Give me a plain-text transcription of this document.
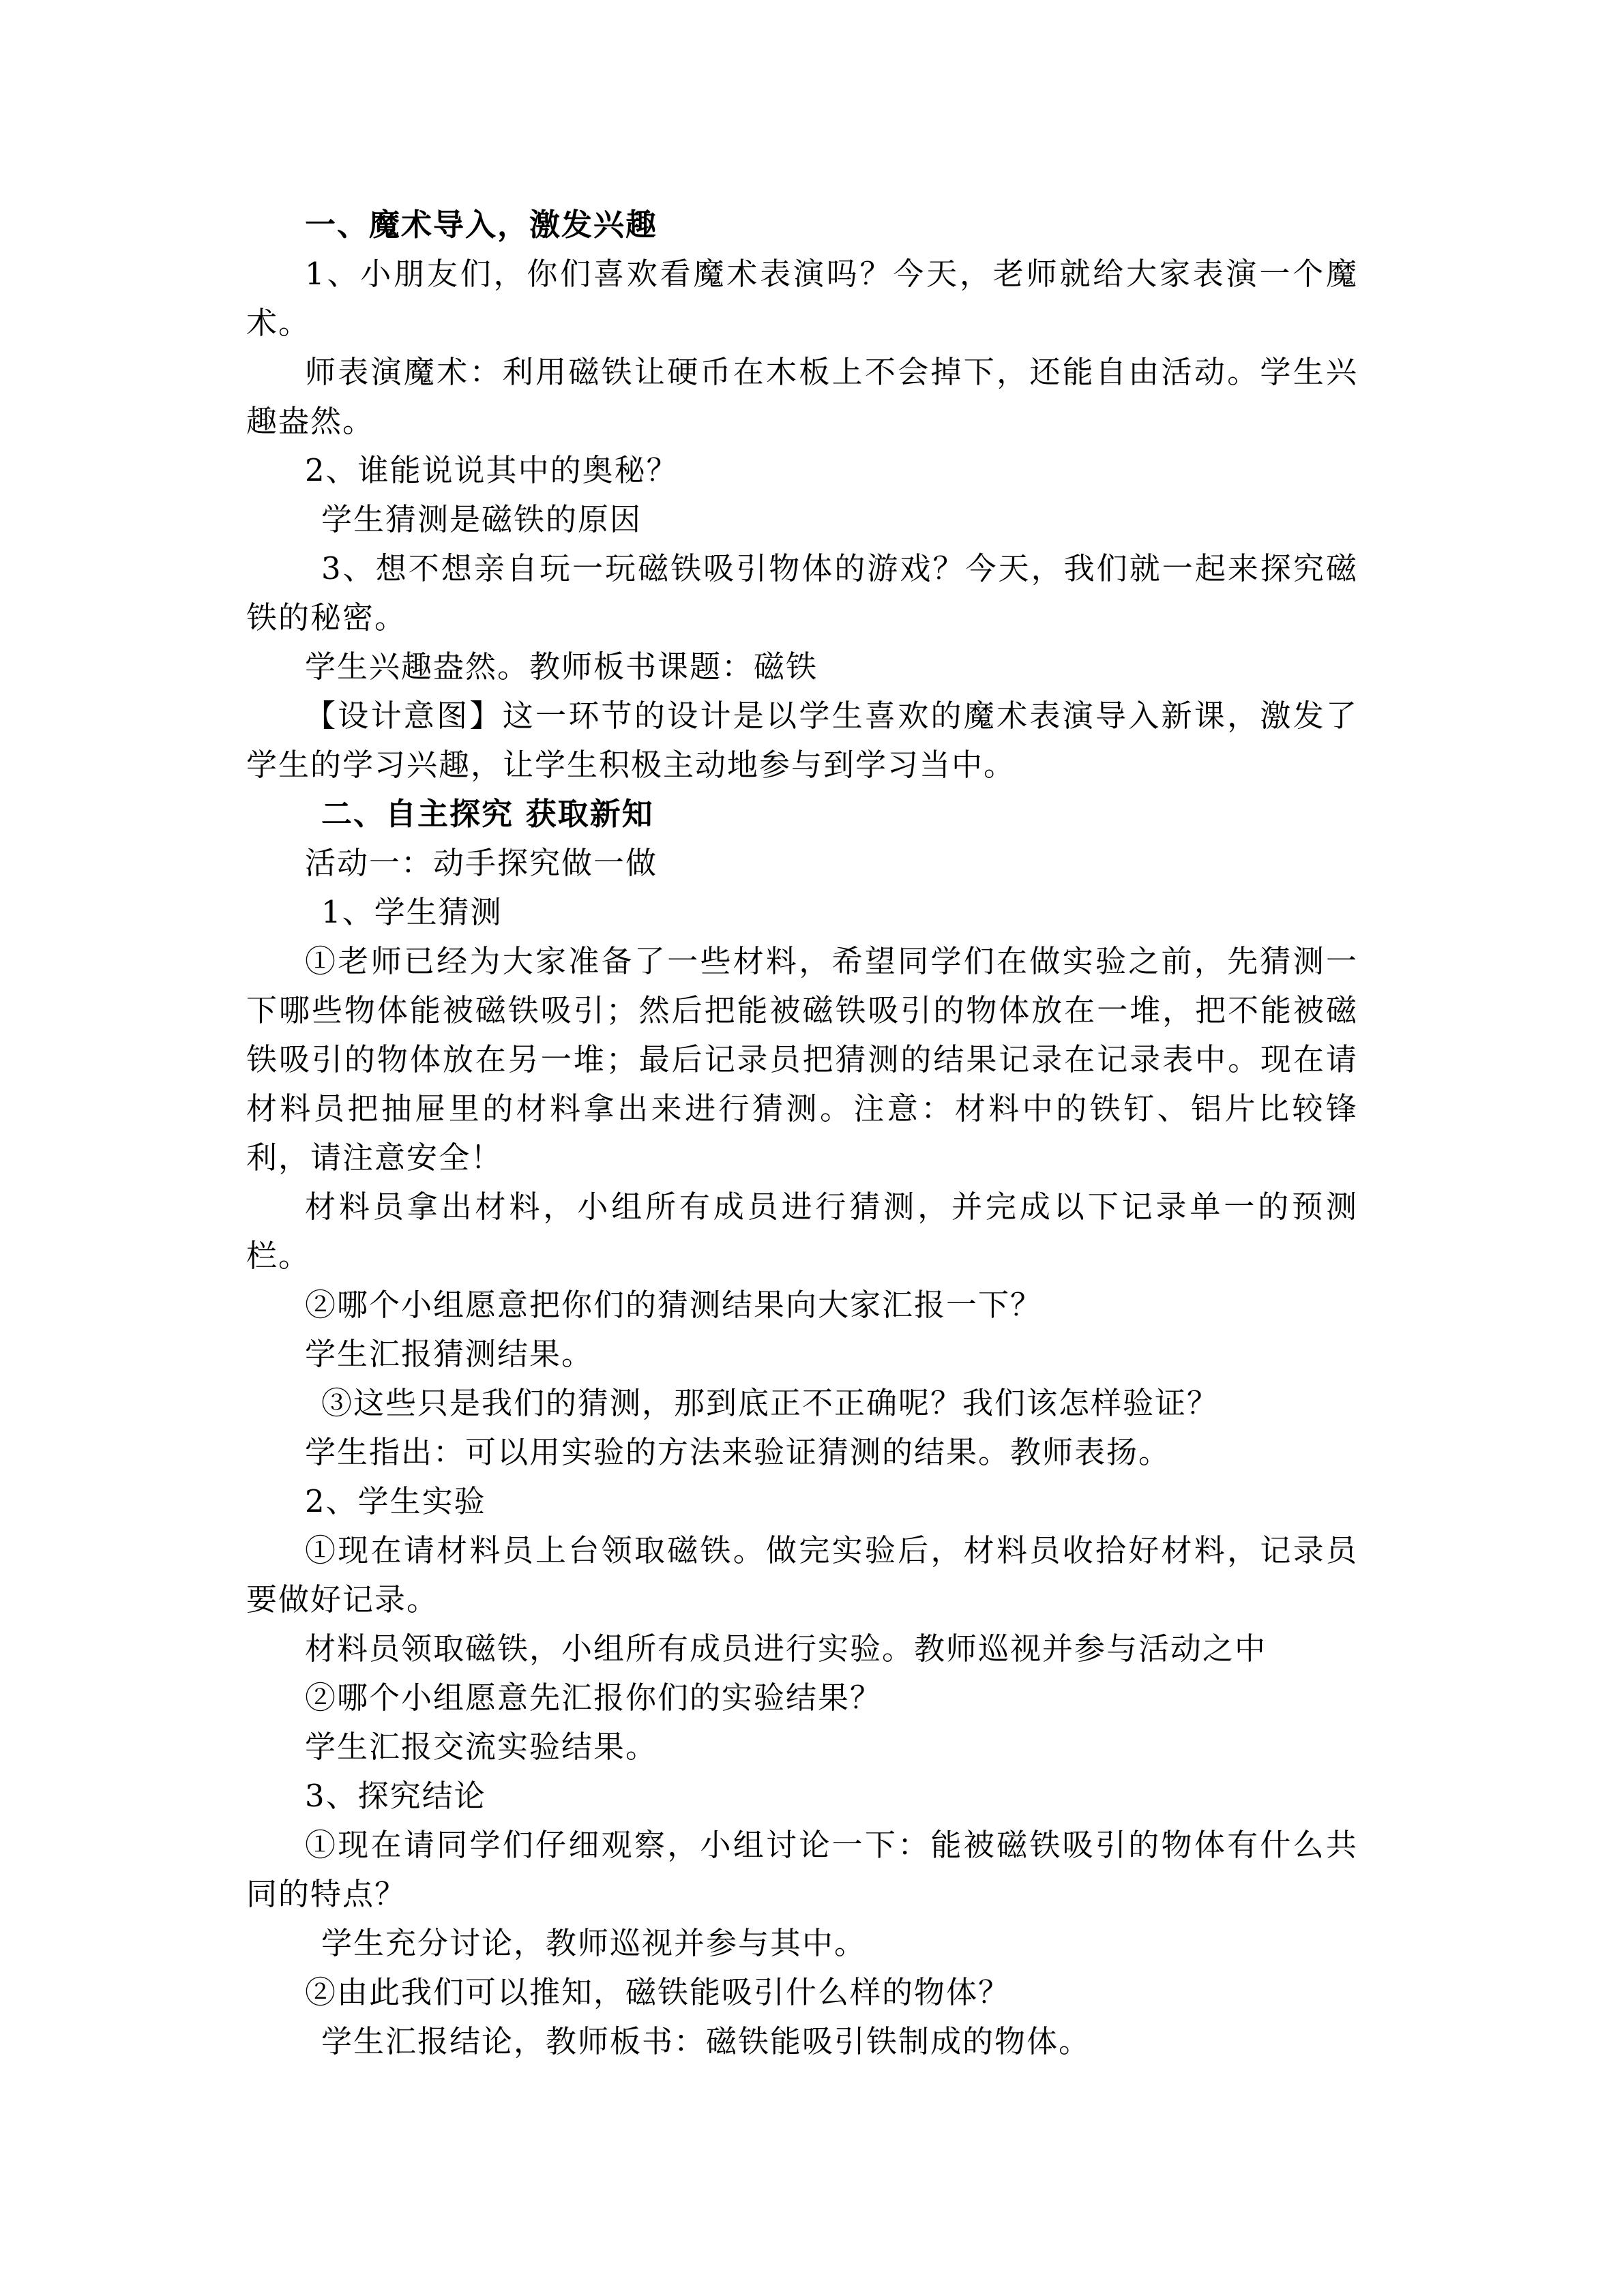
一、魔术导入，激发兴趣
1、小朋友们，你们喜欢看魔术表演吗？今天，老师就给大家表演一个魔术。
师表演魔术：利用磁铁让硬币在木板上不会掉下，还能自由活动。学生兴趣盎然。
2、谁能说说其中的奥秘？
学生猜测是磁铁的原因
3、想不想亲自玩一玩磁铁吸引物体的游戏？今天，我们就一起来探究磁铁的秘密。
学生兴趣盎然。教师板书课题：磁铁
【设计意图】这一环节的设计是以学生喜欢的魔术表演导入新课，激发了学生的学习兴趣，让学生积极主动地参与到学习当中。
二、自主探究 获取新知
活动一：动手探究做一做
1、学生猜测
①老师已经为大家准备了一些材料，希望同学们在做实验之前，先猜测一下哪些物体能被磁铁吸引；然后把能被磁铁吸引的物体放在一堆，把不能被磁铁吸引的物体放在另一堆；最后记录员把猜测的结果记录在记录表中。现在请材料员把抽屉里的材料拿出来进行猜测。注意：材料中的铁钉、铝片比较锋利，请注意安全！
材料员拿出材料，小组所有成员进行猜测，并完成以下记录单一的预测栏。
②哪个小组愿意把你们的猜测结果向大家汇报一下？
学生汇报猜测结果。
③这些只是我们的猜测，那到底正不正确呢？我们该怎样验证？
学生指出：可以用实验的方法来验证猜测的结果。教师表扬。
2、学生实验
①现在请材料员上台领取磁铁。做完实验后，材料员收拾好材料，记录员要做好记录。
材料员领取磁铁，小组所有成员进行实验。教师巡视并参与活动之中
②哪个小组愿意先汇报你们的实验结果？
学生汇报交流实验结果。
3、探究结论
①现在请同学们仔细观察，小组讨论一下：能被磁铁吸引的物体有什么共同的特点？
学生充分讨论，教师巡视并参与其中。
②由此我们可以推知，磁铁能吸引什么样的物体？
学生汇报结论，教师板书：磁铁能吸引铁制成的物体。
